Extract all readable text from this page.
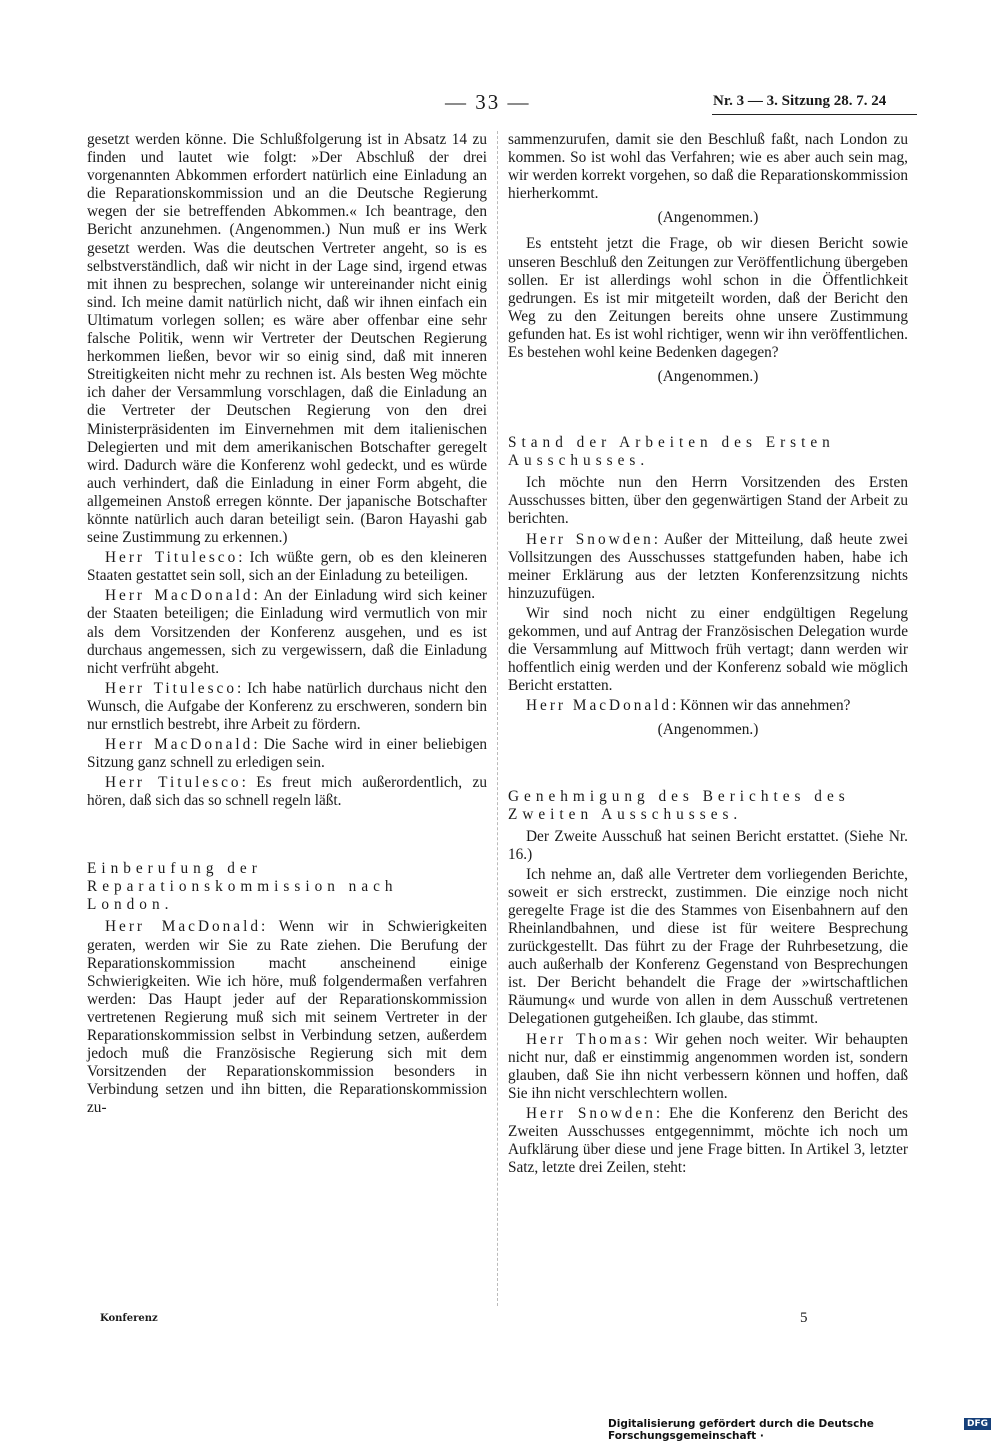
— 33 —	Nr. 3 — 3. Sitzung 28. 7. 24

gesetzt werden könne. Die Schlußfolgerung ist in Absatz 14 zu finden und lautet wie folgt: »Der Abschluß der drei vorgenannten Abkommen erfordert natürlich eine Einladung an die Reparationskommission und an die Deutsche Regierung wegen der sie betreffenden Abkommen.« Ich beantrage, den Bericht anzunehmen. (Angenommen.) Nun muß er ins Werk gesetzt werden. Was die deutschen Vertreter angeht, so is es selbstverständlich, daß wir nicht in der Lage sind, irgend etwas mit ihnen zu besprechen, solange wir untereinander nicht einig sind. Ich meine damit natürlich nicht, daß wir ihnen einfach ein Ultimatum vorlegen sollen; es wäre aber offenbar eine sehr falsche Politik, wenn wir Vertreter der Deutschen Regierung herkommen ließen, bevor wir so einig sind, daß mit inneren Streitigkeiten nicht mehr zu rechnen ist. Als besten Weg möchte ich daher der Versammlung vorschlagen, daß die Einladung an die Vertreter der Deutschen Regierung von den drei Ministerpräsidenten im Einvernehmen mit dem italienischen Delegierten und mit dem amerikanischen Botschafter geregelt wird. Dadurch wäre die Konferenz wohl gedeckt, und es würde auch verhindert, daß die Einladung in einer Form abgeht, die allgemeinen Anstoß erregen könnte. Der japanische Botschafter könnte natürlich auch daran beteiligt sein. (Baron Hayashi gab seine Zustimmung zu erkennen.)

Herr Titulesco: Ich wüßte gern, ob es den kleineren Staaten gestattet sein soll, sich an der Einladung zu beteiligen.

Herr MacDonald: An der Einladung wird sich keiner der Staaten beteiligen; die Einladung wird vermutlich von mir als dem Vorsitzenden der Konferenz ausgehen, und es ist durchaus angemessen, sich zu vergewissern, daß die Einladung nicht verfrüht abgeht.

Herr Titulesco: Ich habe natürlich durchaus nicht den Wunsch, die Aufgabe der Konferenz zu erschweren, sondern bin nur ernstlich bestrebt, ihre Arbeit zu fördern.

Herr MacDonald: Die Sache wird in einer beliebigen Sitzung ganz schnell zu erledigen sein.

Herr Titulesco: Es freut mich außerordentlich, zu hören, daß sich das so schnell regeln läßt.

Einberufung der Reparationskommission nach London.

Herr MacDonald: Wenn wir in Schwierigkeiten geraten, werden wir Sie zu Rate ziehen. Die Berufung der Reparationskommission macht anscheinend einige Schwierigkeiten. Wie ich höre, muß folgendermaßen verfahren werden: Das Haupt jeder auf der Reparationskommission vertretenen Regierung muß sich mit seinem Vertreter in der Reparationskommission selbst in Verbindung setzen, außerdem jedoch muß die Französische Regierung sich mit dem Vorsitzenden der Reparationskommission besonders in Verbindung setzen und ihn bitten, die Reparationskommission zu-

sammenzurufen, damit sie den Beschluß faßt, nach London zu kommen. So ist wohl das Verfahren; wie es aber auch sein mag, wir werden korrekt vorgehen, so daß die Reparationskommission hierherkommt.

(Angenommen.)

Es entsteht jetzt die Frage, ob wir diesen Bericht sowie unseren Beschluß den Zeitungen zur Veröffentlichung übergeben sollen. Er ist allerdings wohl schon in die Öffentlichkeit gedrungen. Es ist mir mitgeteilt worden, daß der Bericht den Weg zu den Zeitungen bereits ohne unsere Zustimmung gefunden hat. Es ist wohl richtiger, wenn wir ihn veröffentlichen. Es bestehen wohl keine Bedenken dagegen?

(Angenommen.)

Stand der Arbeiten des Ersten Ausschusses.

Ich möchte nun den Herrn Vorsitzenden des Ersten Ausschusses bitten, über den gegenwärtigen Stand der Arbeit zu berichten.

Herr Snowden: Außer der Mitteilung, daß heute zwei Vollsitzungen des Ausschusses stattgefunden haben, habe ich meiner Erklärung aus der letzten Konferenzsitzung nichts hinzuzufügen.

Wir sind noch nicht zu einer endgültigen Regelung gekommen, und auf Antrag der Französischen Delegation wurde die Versammlung auf Mittwoch früh vertagt; dann werden wir hoffentlich einig werden und der Konferenz sobald wie möglich Bericht erstatten.

Herr MacDonald: Können wir das annehmen?

(Angenommen.)

Genehmigung des Berichtes des Zweiten Ausschusses.

Der Zweite Ausschuß hat seinen Bericht erstattet. (Siehe Nr. 16.)

Ich nehme an, daß alle Vertreter dem vorliegenden Berichte, soweit er sich erstreckt, zustimmen. Die einzige noch nicht geregelte Frage ist die des Stammes von Eisenbahnern auf den Rheinlandbahnen, und diese ist für weitere Besprechung zurückgestellt. Das führt zu der Frage der Ruhrbesetzung, die auch außerhalb der Konferenz Gegenstand von Besprechungen ist. Der Bericht behandelt die Frage der »wirtschaftlichen Räumung« und wurde von allen in dem Ausschuß vertretenen Delegationen gutgeheißen. Ich glaube, das stimmt.

Herr Thomas: Wir gehen noch weiter. Wir behaupten nicht nur, daß er einstimmig angenommen worden ist, sondern glauben, daß Sie ihn nicht verbessern können und hoffen, daß Sie ihn nicht verschlechtern wollen.

Herr Snowden: Ehe die Konferenz den Bericht des Zweiten Ausschusses entgegennimmt, möchte ich noch um Aufklärung über diese und jene Frage bitten. In Artikel 3, letzter Satz, letzte drei Zeilen, steht:

Konferenz	5
Digitalisierung gefördert durch die Deutsche Forschungsgemeinschaft ·
DFG
